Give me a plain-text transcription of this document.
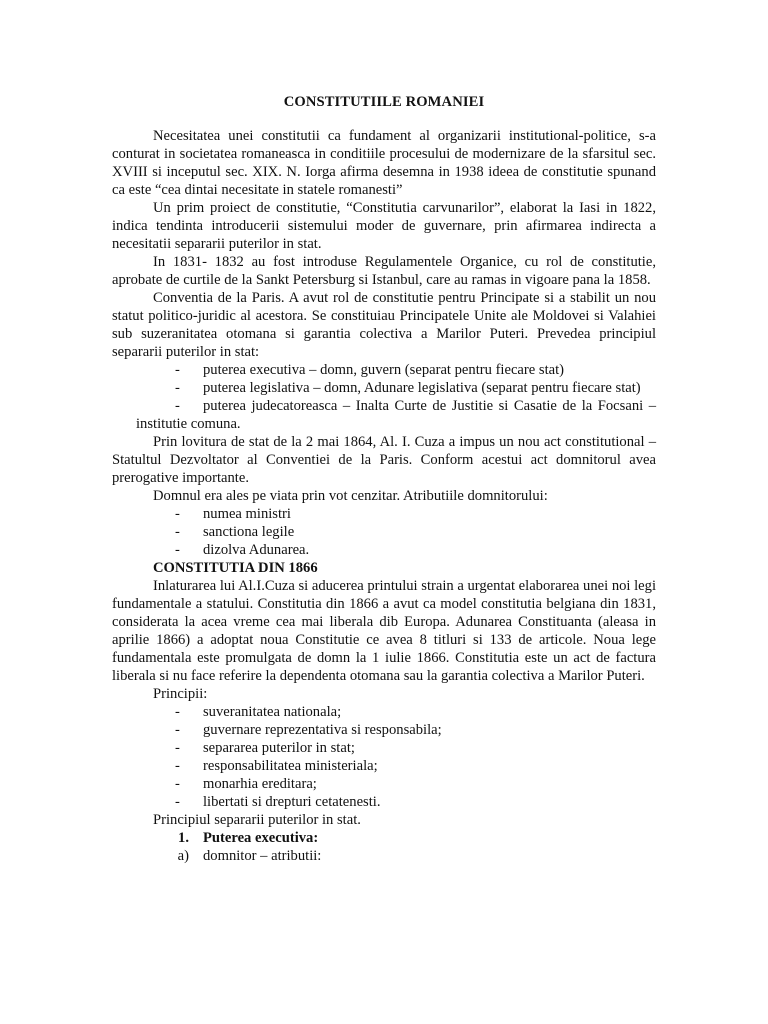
CONSTITUTIILE ROMANIEI

Necesitatea unei constitutii ca fundament al organizarii institutional-politice, s-a conturat in societatea romaneasca in conditiile procesului de modernizare de la sfarsitul sec. XVIII si inceputul sec. XIX. N. Iorga afirma desemna in 1938 ideea de constitutie spunand ca este “cea dintai necesitate in statele romanesti”

Un prim proiect de constitutie, “Constitutia carvunarilor”, elaborat la Iasi in 1822, indica tendinta introducerii sistemului moder de guvernare, prin afirmarea indirecta a necesitatii separarii puterilor in stat.

In 1831- 1832 au fost introduse Regulamentele Organice, cu rol de constitutie, aprobate de curtile de la Sankt Petersburg si Istanbul, care au ramas in vigoare pana la 1858.

Conventia de la Paris. A avut rol de constitutie pentru Principate si a stabilit un nou statut politico-juridic al acestora. Se constituiau Principatele Unite ale Moldovei si Valahiei sub suzeranitatea otomana si garantia colectiva a Marilor Puteri. Prevedea principiul separarii puterilor in stat:

- puterea executiva – domn, guvern (separat pentru fiecare stat)
-	puterea legislativa – domn, Adunare legislativa (separat pentru fiecare stat)
-	puterea judecatoreasca – Inalta Curte de Justitie si Casatie de la Focsani – institutie comuna.

Prin lovitura de stat de la 2 mai 1864, Al. I. Cuza a impus un nou act constitutional – Statultul Dezvoltator al Conventiei de la Paris. Conform acestui act domnitorul avea prerogative importante.

Domnul era ales pe viata prin vot cenzitar. Atributiile domnitorului:

- numea ministri
- sanctiona legile
- dizolva Adunarea.

CONSTITUTIA DIN 1866

Inlaturarea lui Al.I.Cuza si aducerea printului strain a urgentat elaborarea unei noi legi fundamentale a statului. Constitutia din 1866 a avut ca model constitutia belgiana din 1831, considerata la acea vreme cea mai liberala dib Europa. Adunarea Constituanta (aleasa in aprilie 1866) a adoptat noua Constitutie ce avea 8 titluri si 133 de articole. Noua lege fundamentala este promulgata de domn la 1 iulie 1866. Constitutia este un act de factura liberala si nu face referire la dependenta otomana sau la garantia colectiva a Marilor Puteri.

Principii:

- suveranitatea nationala;
- guvernare reprezentativa si responsabila;
- separarea puterilor in stat;
- responsabilitatea ministeriala;
- monarhia ereditara;
- libertati si drepturi cetatenesti.

Principiul separarii puterilor in stat.

1. Puterea executiva:
a) domnitor – atributii:
